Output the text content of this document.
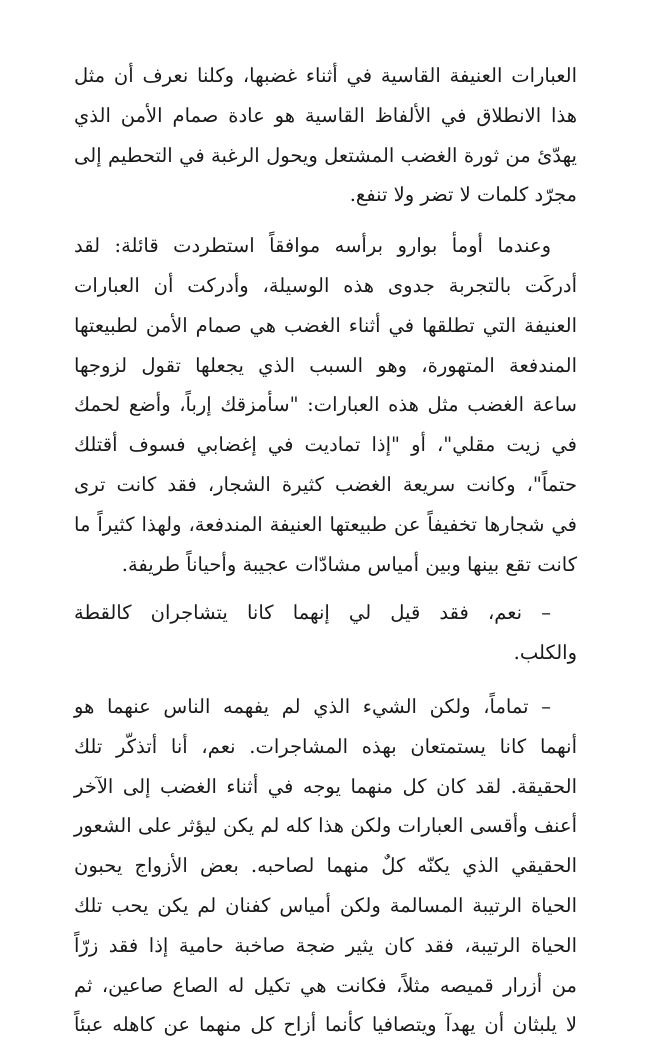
العبارات العنيفة القاسية في أثناء غضبها، وكلنا نعرف أن مثل
هذا الانطلاق في الألفاظ القاسية هو عادة صمام الأمن الذي
يهدّئ من ثورة الغضب المشتعل ويحول الرغبة في التحطيم إلى
مجرّد كلمات لا تضر ولا تنفع.
وعندما أومأ بوارو برأسه موافقاً استطردت قائلة: لقد
أدركَت بالتجربة جدوى هذه الوسيلة، وأدركت أن العبارات
العنيفة التي تطلقها في أثناء الغضب هي صمام الأمن لطبيعتها
المندفعة المتهورة، وهو السبب الذي يجعلها تقول لزوجها
ساعة الغضب مثل هذه العبارات: "سأمزقك إرباً، وأضع لحمك
في زيت مقلي"، أو "إذا تماديت في إغضابي فسوف أقتلك
حتماً"، وكانت سريعة الغضب كثيرة الشجار، فقد كانت ترى
في شجارها تخفيفاً عن طبيعتها العنيفة المندفعة، ولهذا كثيراً ما
كانت تقع بينها وبين أمياس مشادّات عجيبة وأحياناً طريفة.
– نعم، فقد قيل لي إنهما كانا يتشاجران كالقطة
والكلب.
– تماماً، ولكن الشيء الذي لم يفهمه الناس عنهما هو
أنهما كانا يستمتعان بهذه المشاجرات. نعم، أنا أتذكّر تلك
الحقيقة. لقد كان كل منهما يوجه في أثناء الغضب إلى الآخر
أعنف وأقسى العبارات ولكن هذا كله لم يكن ليؤثر على الشعور
الحقيقي الذي يكنّه كلٌ منهما لصاحبه. بعض الأزواج يحبون
الحياة الرتيبة المسالمة ولكن أمياس كفنان لم يكن يحب تلك
الحياة الرتيبة، فقد كان يثير ضجة صاخبة حامية إذا فقد زرّاً
من أزرار قميصه مثلاً، فكانت هي تكيل له الصاع صاعين، ثم
لا يلبثان أن يهدآ ويتصافيا كأنما أزاح كل منهما عن كاهله عبئاً
